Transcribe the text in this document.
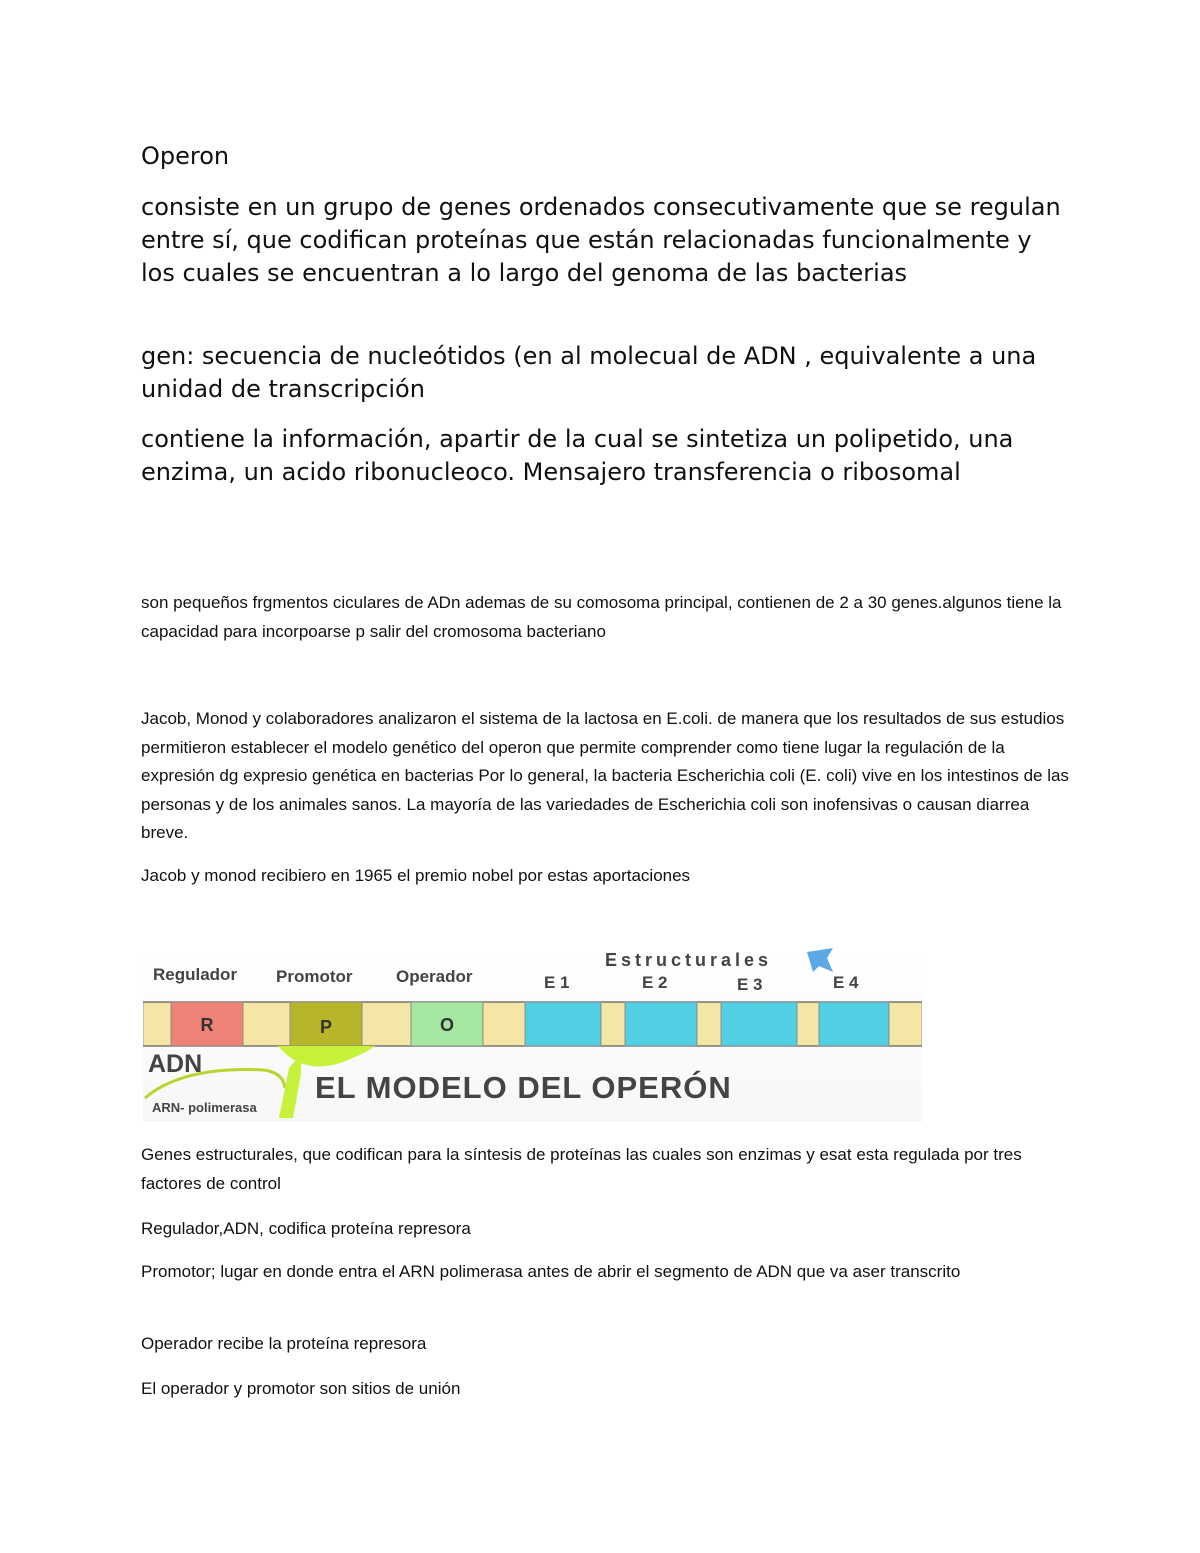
Operon

consiste en un grupo de genes ordenados consecutivamente que se regulan entre sí, que codifican proteínas que están relacionadas funcionalmente y los cuales se encuentran a lo largo del genoma de las bacterias

gen: secuencia de nucleótidos (en al molecual de ADN , equivalente a una unidad de transcripción

contiene la información, apartir de la cual se sintetiza un polipetido, una enzima, un acido ribonucleoco. Mensajero transferencia o ribosomal

son pequeños frgmentos ciculares de ADn ademas de su comosoma principal, contienen de 2 a 30 genes.algunos tiene la capacidad para incorpoarse p salir del cromosoma bacteriano

Jacob, Monod y colaboradores analizaron el sistema de la lactosa en E.coli. de manera que los resultados de sus estudios permitieron establecer el modelo genético del operon que permite comprender como tiene lugar la regulación de la expresión dg expresio genética en bacterias Por lo general, la bacteria Escherichia coli (E. coli) vive en los intestinos de las personas y de los animales sanos. La mayoría de las variedades de Escherichia coli son inofensivas o causan diarrea breve.

Jacob y monod recibiero en 1965 el premio nobel por estas aportaciones

Regulador Promotor	Operador
Estructurales
E 1	E 2	E 3	E 4
R	P	O
ADN
ARN- polimerasa
EL MODELO DEL OPERÓN

Genes estructurales, que codifican para la síntesis de proteínas las cuales son enzimas y esat esta regulada por tres factores de control

Regulador,ADN, codifica proteína represora

Promotor; lugar en donde entra el ARN polimerasa antes de abrir el segmento de ADN que va aser transcrito

Operador recibe la proteína represora

El operador y promotor son sitios de unión
